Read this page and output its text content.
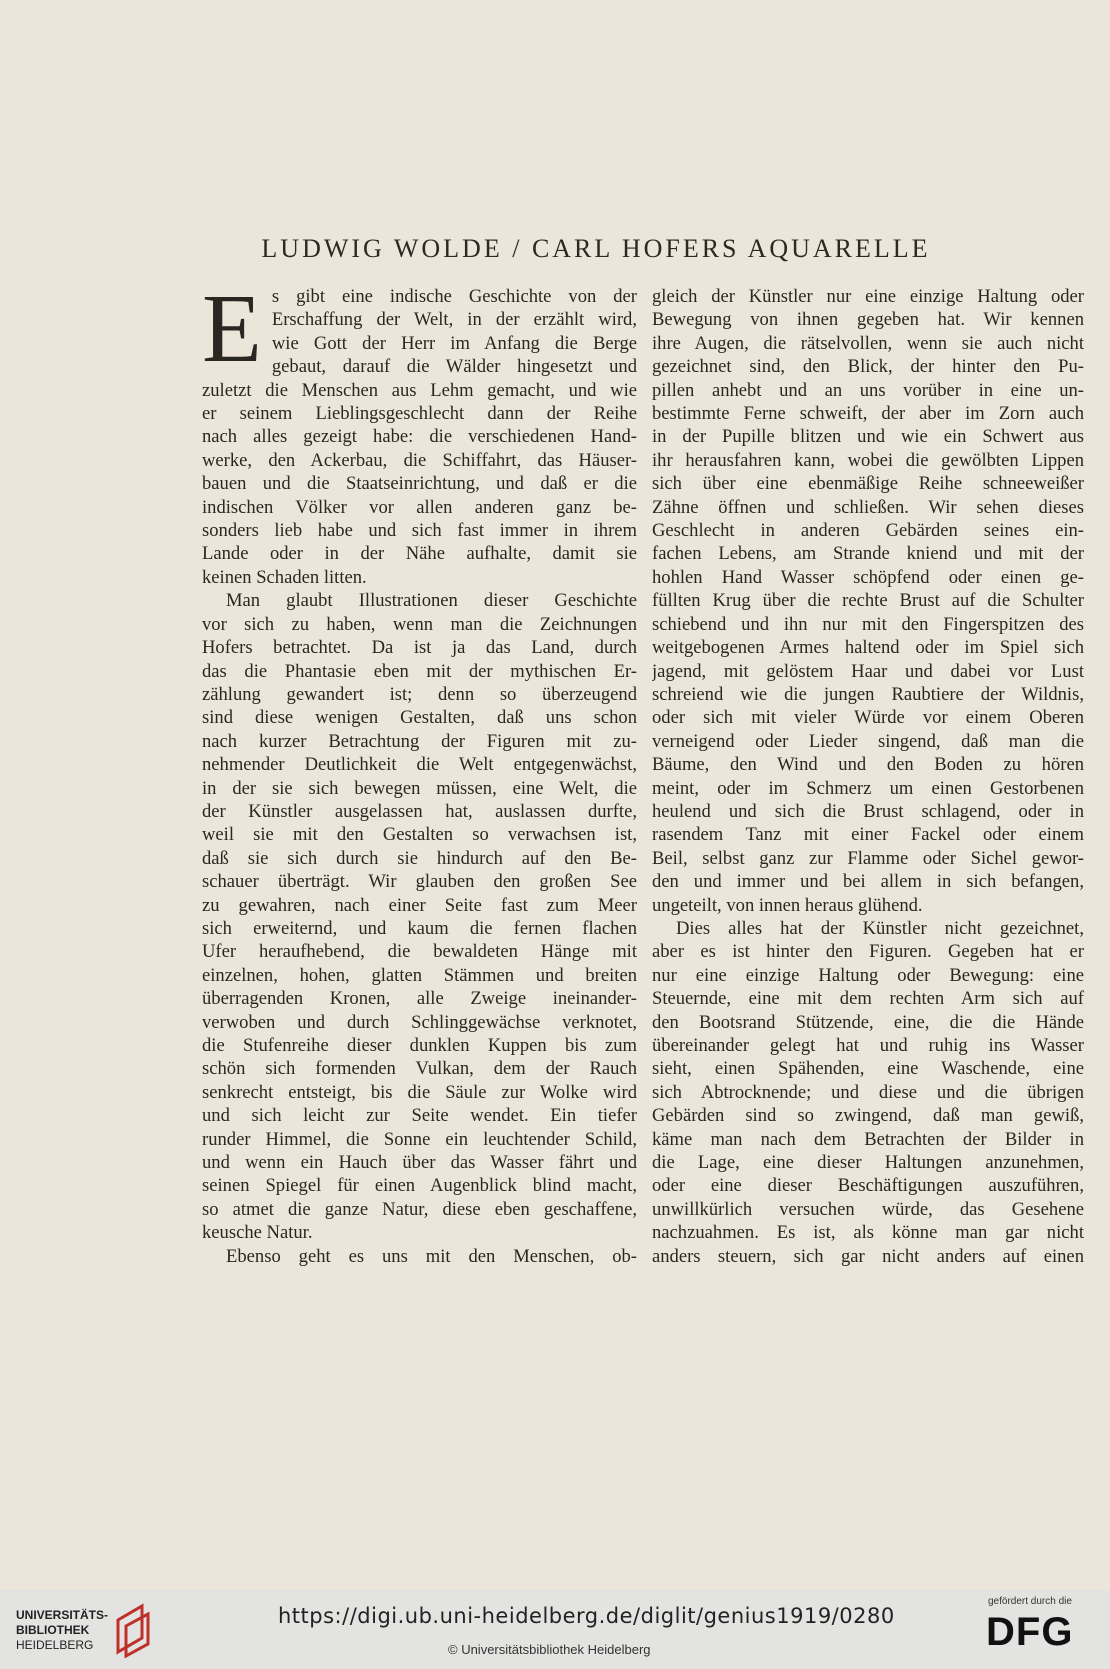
LUDWIG WOLDE / CARL HOFERS AQUARELLE
E s gibt eine indische Geschichte von der
Erschaffung der Welt, in der erzählt wird,
wie Gott der Herr im Anfang die Berge
gebaut, darauf die Wälder hingesetzt und
zuletzt die Menschen aus Lehm gemacht, und wie
er seinem Lieblingsgeschlecht dann der Reihe
nach alles gezeigt habe: die verschiedenen Hand-
werke, den Ackerbau, die Schiffahrt, das Häuser-
bauen und die Staatseinrichtung, und daß er die
indischen Völker vor allen anderen ganz be-
sonders lieb habe und sich fast immer in ihrem
Lande oder in der Nähe aufhalte, damit sie
keinen Schaden litten.
Man glaubt Illustrationen dieser Geschichte
vor sich zu haben, wenn man die Zeichnungen
Hofers betrachtet. Da ist ja das Land, durch
das die Phantasie eben mit der mythischen Er-
zählung gewandert ist; denn so überzeugend
sind diese wenigen Gestalten, daß uns schon
nach kurzer Betrachtung der Figuren mit zu-
nehmender Deutlichkeit die Welt entgegenwächst,
in der sie sich bewegen müssen, eine Welt, die
der Künstler ausgelassen hat, auslassen durfte,
weil sie mit den Gestalten so verwachsen ist,
daß sie sich durch sie hindurch auf den Be-
schauer überträgt. Wir glauben den großen See
zu gewahren, nach einer Seite fast zum Meer
sich erweiternd, und kaum die fernen flachen
Ufer heraufhebend, die bewaldeten Hänge mit
einzelnen, hohen, glatten Stämmen und breiten
überragenden Kronen, alle Zweige ineinander-
verwoben und durch Schlinggewächse verknotet,
die Stufenreihe dieser dunklen Kuppen bis zum
schön sich formenden Vulkan, dem der Rauch
senkrecht entsteigt, bis die Säule zur Wolke wird
und sich leicht zur Seite wendet. Ein tiefer
runder Himmel, die Sonne ein leuchtender Schild,
und wenn ein Hauch über das Wasser fährt und
seinen Spiegel für einen Augenblick blind macht,
so atmet die ganze Natur, diese eben geschaffene,
keusche Natur.
Ebenso geht es uns mit den Menschen, ob-
gleich der Künstler nur eine einzige Haltung oder
Bewegung von ihnen gegeben hat. Wir kennen
ihre Augen, die rätselvollen, wenn sie auch nicht
gezeichnet sind, den Blick, der hinter den Pu-
pillen anhebt und an uns vorüber in eine un-
bestimmte Ferne schweift, der aber im Zorn auch
in der Pupille blitzen und wie ein Schwert aus
ihr herausfahren kann, wobei die gewölbten Lippen
sich über eine ebenmäßige Reihe schneeweißer
Zähne öffnen und schließen. Wir sehen dieses
Geschlecht in anderen Gebärden seines ein-
fachen Lebens, am Strande kniend und mit der
hohlen Hand Wasser schöpfend oder einen ge-
füllten Krug über die rechte Brust auf die Schulter
schiebend und ihn nur mit den Fingerspitzen des
weitgebogenen Armes haltend oder im Spiel sich
jagend, mit gelöstem Haar und dabei vor Lust
schreiend wie die jungen Raubtiere der Wildnis,
oder sich mit vieler Würde vor einem Oberen
verneigend oder Lieder singend, daß man die
Bäume, den Wind und den Boden zu hören
meint, oder im Schmerz um einen Gestorbenen
heulend und sich die Brust schlagend, oder in
rasendem Tanz mit einer Fackel oder einem
Beil, selbst ganz zur Flamme oder Sichel gewor-
den und immer und bei allem in sich befangen,
ungeteilt, von innen heraus glühend.
Dies alles hat der Künstler nicht gezeichnet,
aber es ist hinter den Figuren. Gegeben hat er
nur eine einzige Haltung oder Bewegung: eine
Steuernde, eine mit dem rechten Arm sich auf
den Bootsrand Stützende, eine, die die Hände
übereinander gelegt hat und ruhig ins Wasser
sieht, einen Spähenden, eine Waschende, eine
sich Abtrocknende; und diese und die übrigen
Gebärden sind so zwingend, daß man gewiß,
käme man nach dem Betrachten der Bilder in
die Lage, eine dieser Haltungen anzunehmen,
oder eine dieser Beschäftigungen auszuführen,
unwillkürlich versuchen würde, das Gesehene
nachzuahmen. Es ist, als könne man gar nicht
anders steuern, sich gar nicht anders auf einen
UNIVERSITÄTS-
BIBLIOTHEK
HEIDELBERG
https://digi.ub.uni-heidelberg.de/diglit/genius1919/0280
© Universitätsbibliothek Heidelberg
gefördert durch die
DFG
